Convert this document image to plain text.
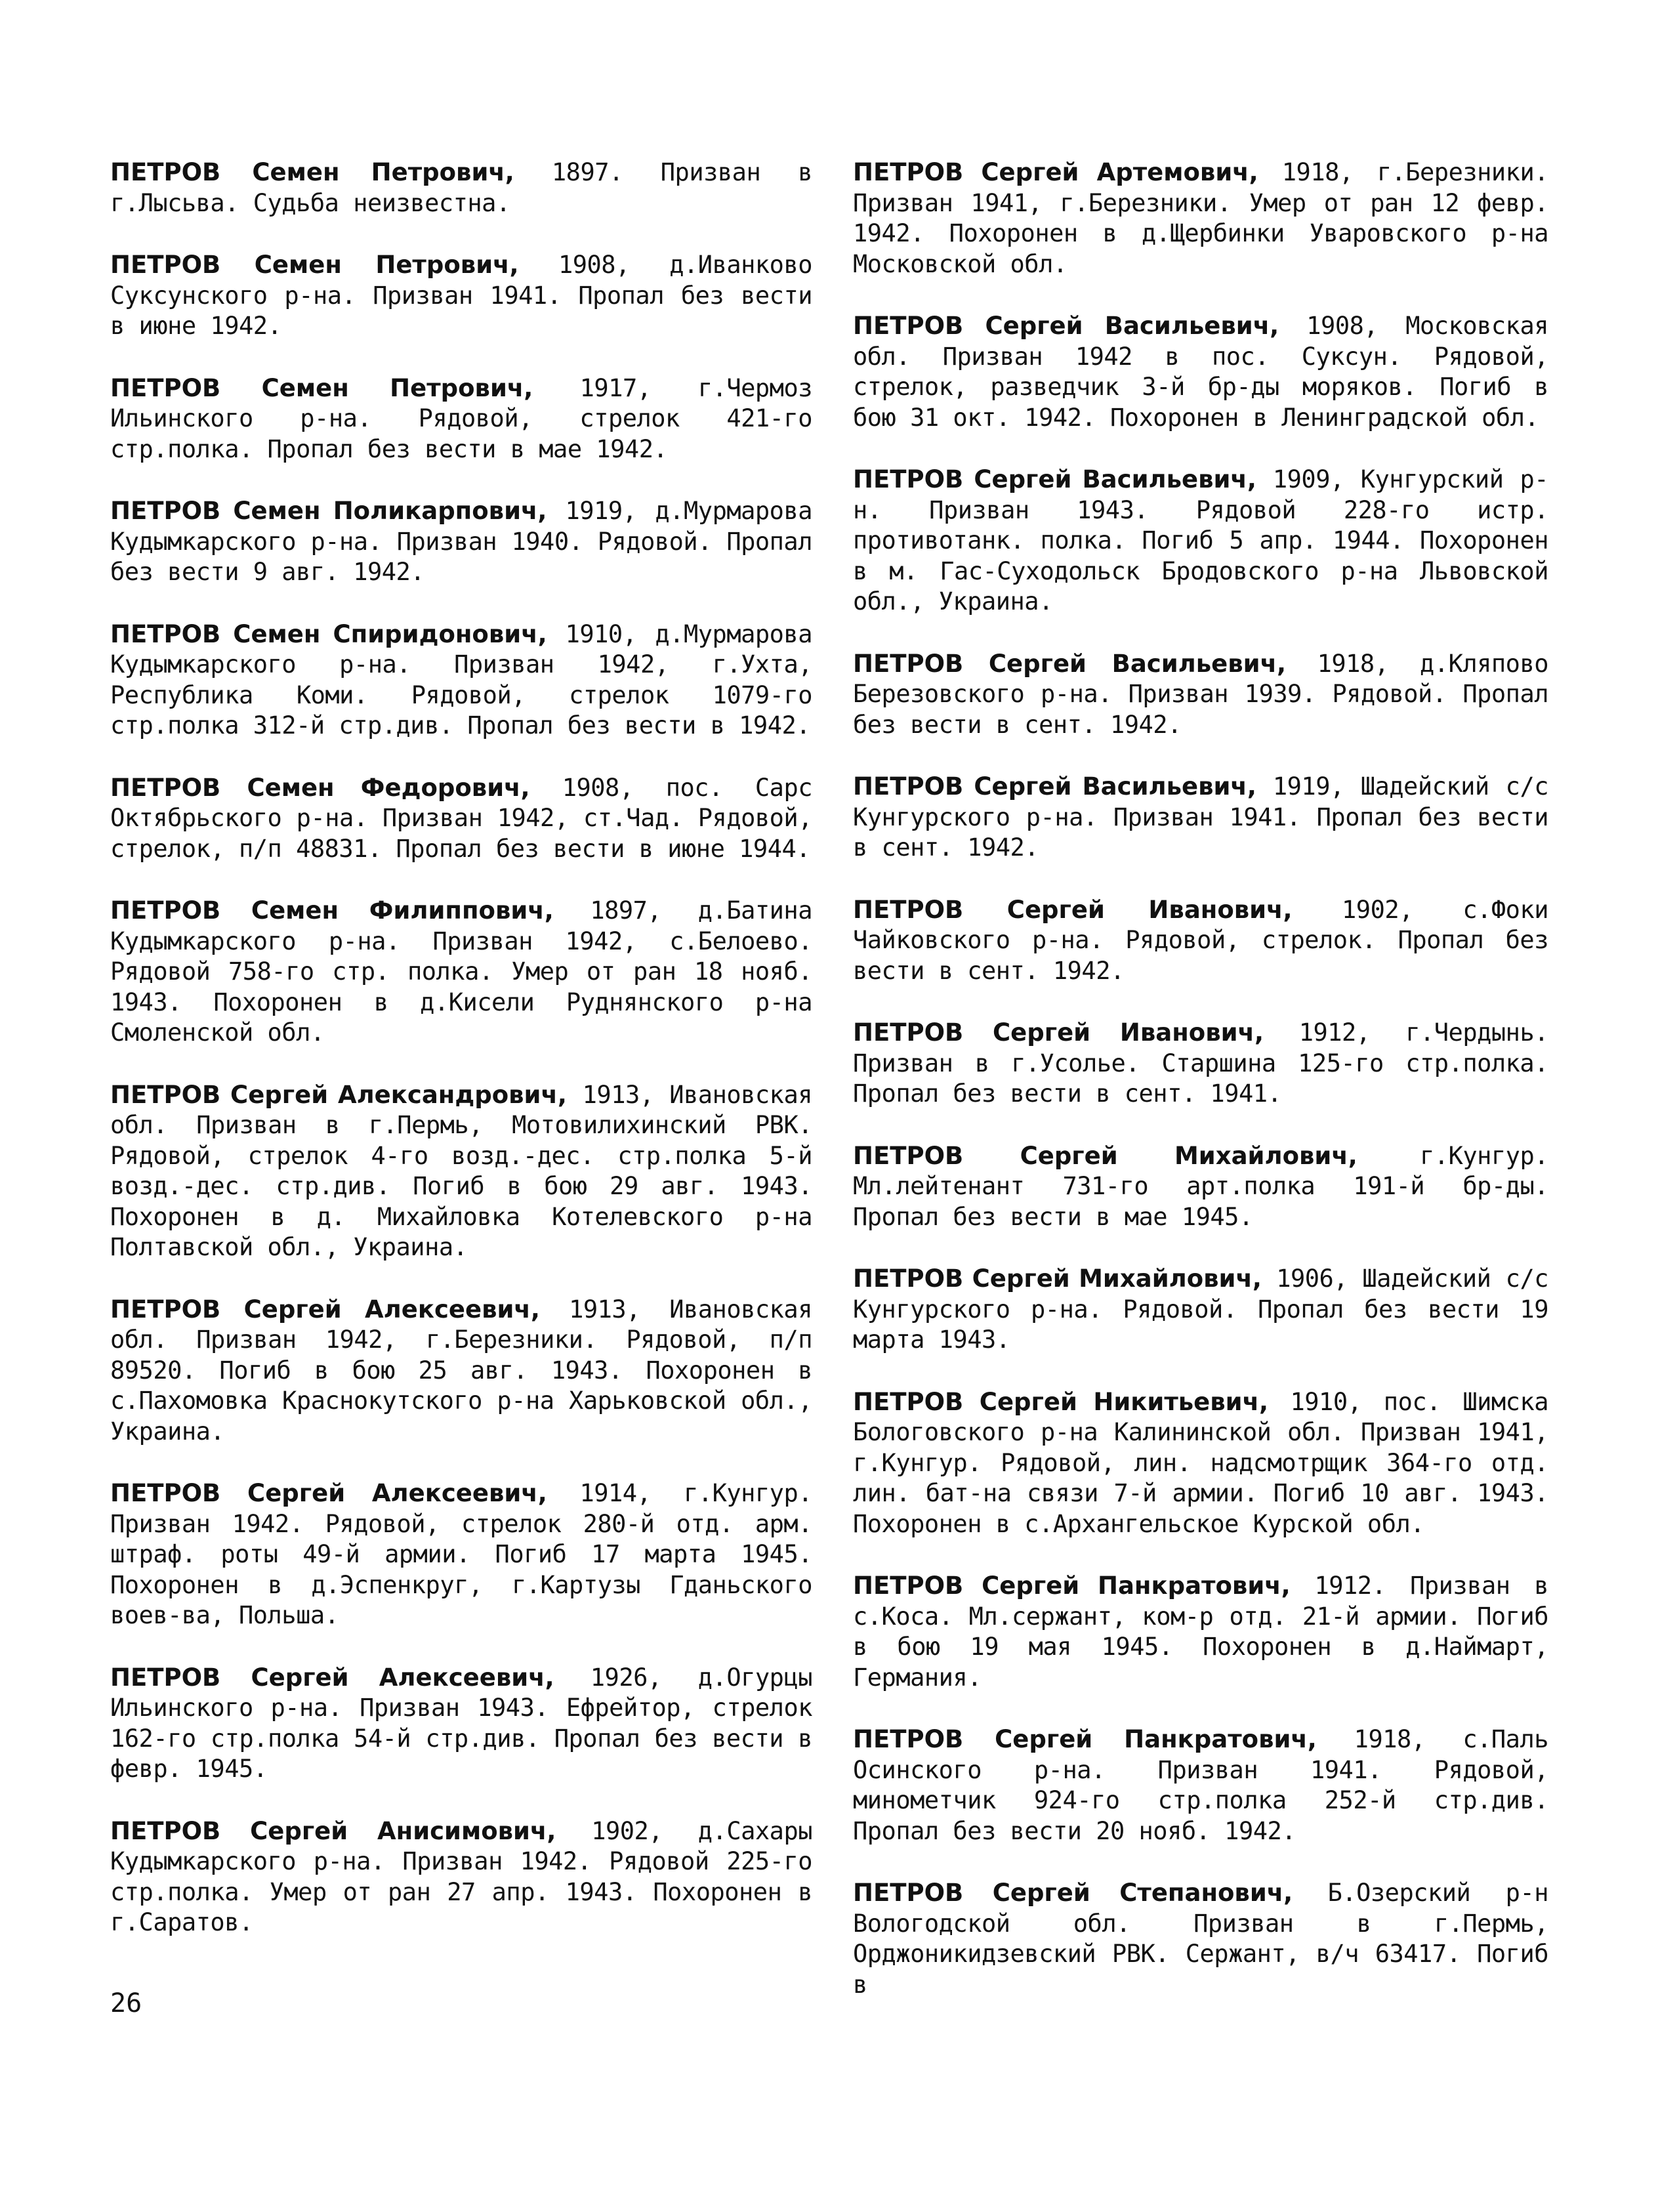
ПЕТРОВ Семен Петрович, 1897. Призван в г.Лысьва. Судьба неизвестна.

ПЕТРОВ Семен Петрович, 1908, д.Иванково Суксунского р-на. Призван 1941. Пропал без вести в июне 1942.

ПЕТРОВ Семен Петрович, 1917, г.Чермоз Ильинского р-на. Рядовой, стрелок 421-го стр.полка. Пропал без вести в мае 1942.

ПЕТРОВ Семен Поликарпович, 1919, д.Мурмарова Кудымкарского р-на. Призван 1940. Рядовой. Пропал без вести 9 авг. 1942.

ПЕТРОВ Семен Спиридонович, 1910, д.Мурмарова Кудымкарского р-на. Призван 1942, г.Ухта, Республика Коми. Рядовой, стрелок 1079-го стр.полка 312-й стр.див. Пропал без вести в 1942.

ПЕТРОВ Семен Федорович, 1908, пос. Сарс Октябрьского р-на. Призван 1942, ст.Чад. Рядовой, стрелок, п/п 48831. Пропал без вести в июне 1944.

ПЕТРОВ Семен Филиппович, 1897, д.Батина Кудымкарского р-на. Призван 1942, с.Белоево. Рядовой 758-го стр. полка. Умер от ран 18 нояб. 1943. Похоронен в д.Кисели Руднянского р-на Смоленской обл.

ПЕТРОВ Сергей Александрович, 1913, Ивановская обл. Призван в г.Пермь, Мотовилихинский РВК. Рядовой, стрелок 4-го возд.-дес. стр.полка 5-й возд.-дес. стр.див. Погиб в бою 29 авг. 1943. Похоронен в д. Михайловка Котелевского р-на Полтавской обл., Украина.

ПЕТРОВ Сергей Алексеевич, 1913, Ивановская обл. Призван 1942, г.Березники. Рядовой, п/п 89520. Погиб в бою 25 авг. 1943. Похоронен в с.Пахомовка Краснокутского р-на Харьковской обл., Украина.

ПЕТРОВ Сергей Алексеевич, 1914, г.Кунгур. Призван 1942. Рядовой, стрелок 280-й отд. арм. штраф. роты 49-й армии. Погиб 17 марта 1945. Похоронен в д.Эспенкруг, г.Картузы Гданьского воев-ва, Польша.

ПЕТРОВ Сергей Алексеевич, 1926, д.Огурцы Ильинского р-на. Призван 1943. Ефрейтор, стрелок 162-го стр.полка 54-й стр.див. Пропал без вести в февр. 1945.

ПЕТРОВ Сергей Анисимович, 1902, д.Сахары Кудымкарского р-на. Призван 1942. Рядовой 225-го стр.полка. Умер от ран 27 апр. 1943. Похоронен в г.Саратов.

ПЕТРОВ Сергей Артемович, 1918, г.Березники. Призван 1941, г.Березники. Умер от ран 12 февр. 1942. Похоронен в д.Щербинки Уваровского р-на Московской обл.

ПЕТРОВ Сергей Васильевич, 1908, Московская обл. Призван 1942 в пос. Суксун. Рядовой, стрелок, разведчик 3-й бр-ды моряков. Погиб в бою 31 окт. 1942. Похоронен в Ленинградской обл.

ПЕТРОВ Сергей Васильевич, 1909, Кунгурский р-н. Призван 1943. Рядовой 228-го истр. противотанк. полка. Погиб 5 апр. 1944. Похоронен в м. Гас-Суходольск Бродовского р-на Львовской обл., Украина.

ПЕТРОВ Сергей Васильевич, 1918, д.Кляпово Березовского р-на. Призван 1939. Рядовой. Пропал без вести в сент. 1942.

ПЕТРОВ Сергей Васильевич, 1919, Шадейский с/с Кунгурского р-на. Призван 1941. Пропал без вести в сент. 1942.

ПЕТРОВ Сергей Иванович, 1902, с.Фоки Чайковского р-на. Рядовой, стрелок. Пропал без вести в сент. 1942.

ПЕТРОВ Сергей Иванович, 1912, г.Чердынь. Призван в г.Усолье. Старшина 125-го стр.полка. Пропал без вести в сент. 1941.

ПЕТРОВ Сергей Михайлович,	г.Кунгур. Мл.лейтенант 731-го арт.полка 191-й бр-ды. Пропал без вести в мае 1945.

ПЕТРОВ Сергей Михайлович, 1906, Шадейский с/с Кунгурского р-на. Рядовой. Пропал без вести 19 марта 1943.

ПЕТРОВ Сергей Никитьевич, 1910, пос. Шимска Бологовского р-на Калининской обл. Призван 1941, г.Кунгур. Рядовой, лин. надсмотрщик 364-го отд. лин. бат-на связи 7-й армии. Погиб 10 авг. 1943. Похоронен в с.Архангельское Курской обл.

ПЕТРОВ Сергей Панкратович, 1912. Призван в с.Коса. Мл.сержант, ком-р отд. 21-й армии. Погиб в бою 19 мая 1945. Похоронен в д.Наймарт, Германия.

ПЕТРОВ Сергей Панкратович, 1918, с.Паль Осинского р-на. Призван 1941. Рядовой, минометчик 924-го стр.полка 252-й стр.див. Пропал без вести 20 нояб. 1942.

ПЕТРОВ Сергей Степанович, Б.Озерский р-н Вологодской обл. Призван в г.Пермь, Орджоникидзевский РВК. Сержант, в/ч 63417. Погиб в

26
